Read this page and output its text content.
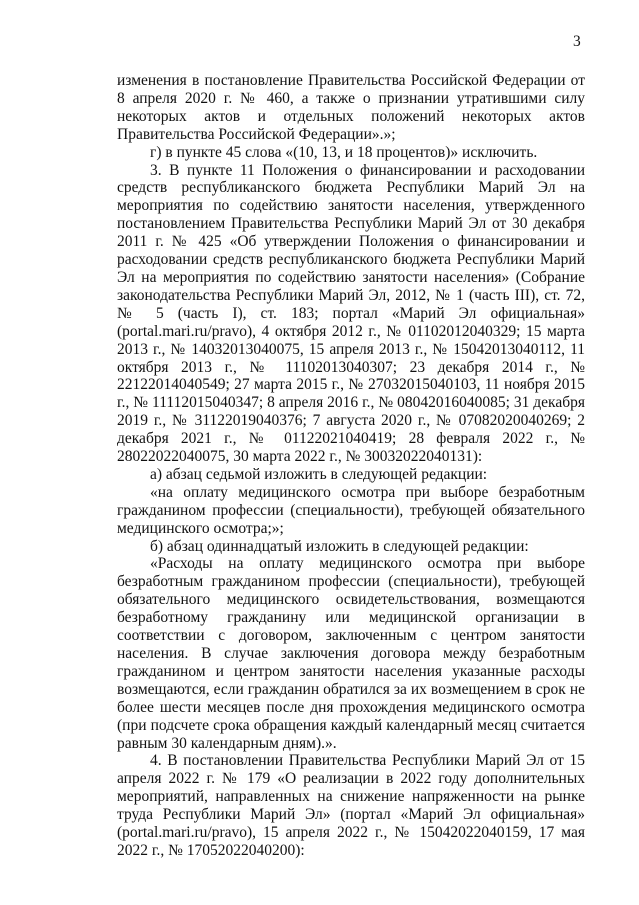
3

изменения в постановление Правительства Российской Федерации от 8 апреля 2020 г. № 460, а также о признании утратившими силу некоторых актов и отдельных положений некоторых актов Правительства Российской Федерации».»;

г) в пункте 45 слова «(10, 13, и 18 процентов)» исключить.

3. В пункте 11 Положения о финансировании и расходовании средств республиканского бюджета Республики Марий Эл на мероприятия по содействию занятости населения, утвержденного постановлением Правительства Республики Марий Эл от 30 декабря 2011 г. № 425 «Об утверждении Положения о финансировании и расходовании средств республиканского бюджета Республики Марий Эл на мероприятия по содействию занятости населения» (Собрание законодательства Республики Марий Эл, 2012, № 1 (часть III), ст. 72, № 5 (часть I), ст. 183; портал «Марий Эл официальная» (portal.mari.ru/pravo), 4 октября 2012 г., № 01102012040329; 15 марта 2013 г., № 14032013040075, 15 апреля 2013 г., № 15042013040112, 11 октября 2013 г., № 11102013040307; 23 декабря 2014 г., № 22122014040549; 27 марта 2015 г., № 27032015040103, 11 ноября 2015 г., № 11112015040347; 8 апреля 2016 г., № 08042016040085; 31 декабря 2019 г., № 31122019040376; 7 августа 2020 г., № 07082020040269; 2 декабря 2021 г., № 01122021040419; 28 февраля 2022 г., № 28022022040075, 30 марта 2022 г., № 30032022040131):

а) абзац седьмой изложить в следующей редакции:

«на оплату медицинского осмотра при выборе безработным гражданином профессии (специальности), требующей обязательного медицинского осмотра;»;

б) абзац одиннадцатый изложить в следующей редакции:

«Расходы на оплату медицинского осмотра при выборе безработным гражданином профессии (специальности), требующей обязательного медицинского освидетельствования, возмещаются безработному гражданину или медицинской организации в соответствии с договором, заключенным с центром занятости населения. В случае заключения договора между безработным гражданином и центром занятости населения указанные расходы возмещаются, если гражданин обратился за их возмещением в срок не более шести месяцев после дня прохождения медицинского осмотра (при подсчете срока обращения каждый календарный месяц считается равным 30 календарным дням).».

4. В постановлении Правительства Республики Марий Эл от 15 апреля 2022 г. № 179 «О реализации в 2022 году дополнительных мероприятий, направленных на снижение напряженности на рынке труда Республики Марий Эл» (портал «Марий Эл официальная» (portal.mari.ru/pravo), 15 апреля 2022 г., № 15042022040159, 17 мая 2022 г., № 17052022040200):
